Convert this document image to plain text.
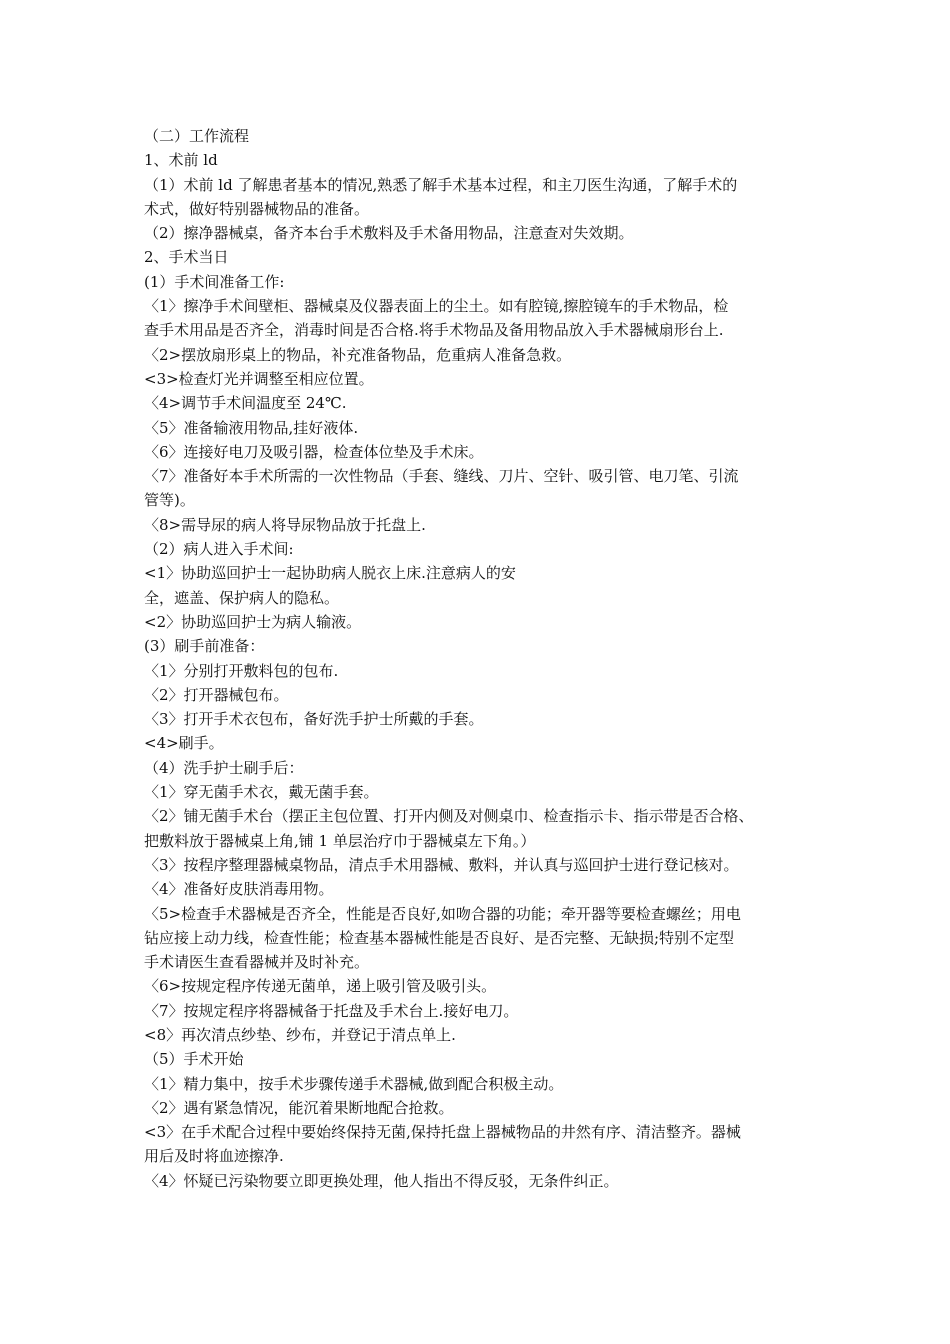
（二）工作流程

1、术前 ld

（1）术前 ld 了解患者基本的情况,熟悉了解手术基本过程，和主刀医生沟通，了解手术的

术式，做好特别器械物品的准备。

（2）擦净器械桌，备齐本台手术敷料及手术备用物品，注意查对失效期。

2、手术当日

(1）手术间准备工作:

〈1〉擦净手术间壁柜、器械桌及仪器表面上的尘土。如有腔镜,擦腔镜车的手术物品，检

查手术用品是否齐全，消毒时间是否合格.将手术物品及备用物品放入手术器械扇形台上.

〈2>摆放扇形桌上的物品，补充准备物品，危重病人准备急救。

<3>检查灯光并调整至相应位置。

〈4>调节手术间温度至 24℃.

〈5〉准备输液用物品,挂好液体.

〈6〉连接好电刀及吸引器，检查体位垫及手术床。

〈7〉准备好本手术所需的一次性物品（手套、缝线、刀片、空针、吸引管、电刀笔、引流

管等)。

〈8>需导尿的病人将导尿物品放于托盘上.

（2）病人进入手术间:

<1〉协助巡回护士一起协助病人脱衣上床.注意病人的安

全，遮盖、保护病人的隐私。

<2〉协助巡回护士为病人输液。

(3）刷手前准备：

〈1〉分别打开敷料包的包布.

〈2〉打开器械包布。

〈3〉打开手术衣包布，备好洗手护士所戴的手套。

<4>刷手。

（4）洗手护士刷手后：

〈1〉穿无菌手术衣，戴无菌手套。

〈2〉铺无菌手术台（摆正主包位置、打开内侧及对侧桌巾、检查指示卡、指示带是否合格、

把敷料放于器械桌上角,铺 1 单层治疗巾于器械桌左下角。）

〈3〉按程序整理器械桌物品，清点手术用器械、敷料，并认真与巡回护士进行登记核对。

〈4〉准备好皮肤消毒用物。

〈5>检查手术器械是否齐全，性能是否良好,如吻合器的功能；牵开器等要检查螺丝；用电

钻应接上动力线，检查性能；检查基本器械性能是否良好、是否完整、无缺损;特别不定型

手术请医生查看器械并及时补充。

〈6>按规定程序传递无菌单，递上吸引管及吸引头。

〈7〉按规定程序将器械备于托盘及手术台上.接好电刀。

<8〉再次清点纱垫、纱布，并登记于清点单上.

（5）手术开始

〈1〉精力集中，按手术步骤传递手术器械,做到配合积极主动。

〈2〉遇有紧急情况，能沉着果断地配合抢救。

<3〉在手术配合过程中要始终保持无菌,保持托盘上器械物品的井然有序、清洁整齐。器械

用后及时将血迹擦净.

〈4〉怀疑已污染物要立即更换处理，他人指出不得反驳，无条件纠正。
